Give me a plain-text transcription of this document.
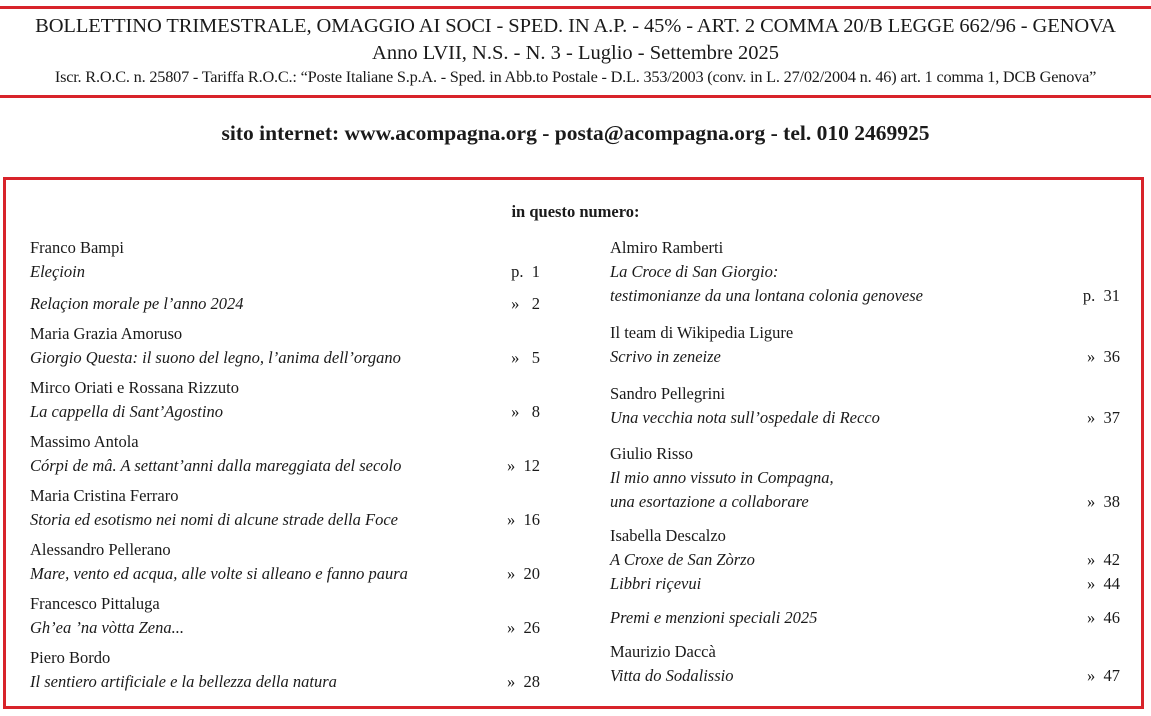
BOLLETTINO TRIMESTRALE, OMAGGIO AI SOCI - SPED. IN A.P. - 45% - ART. 2 COMMA 20/B LEGGE 662/96 - GENOVA
Anno LVII, N.S. - N. 3 - Luglio - Settembre 2025
Iscr. R.O.C. n. 25807 - Tariffa R.O.C.: “Poste Italiane S.p.A. - Sped. in Abb.to Postale - D.L. 353/2003 (conv. in L. 27/02/2004 n. 46) art. 1 comma 1, DCB Genova”
sito internet: www.acompagna.org - posta@acompagna.org - tel. 010 2469925
in questo numero:
Franco Bampi
Eleçioin	p.  1
Relaçion morale pe l’anno 2024	»   2
Maria Grazia Amoruso
Giorgio Questa: il suono del legno, l’anima dell’organo	»   5
Mirco Oriati e Rossana Rizzuto
La cappella di Sant’Agostino	»   8
Massimo Antola
Córpi de mâ. A settant’anni dalla mareggiata del secolo	»  12
Maria Cristina Ferraro
Storia ed esotismo nei nomi di alcune strade della Foce	»  16
Alessandro Pellerano
Mare, vento ed acqua, alle volte si alleano e fanno paura	»  20
Francesco Pittaluga
Gh’ea ’na vòtta Zena...	»  26
Piero Bordo
Il sentiero artificiale e la bellezza della natura	»  28
Almiro Ramberti
La Croce di San Giorgio:
testimonianze da una lontana colonia genovese	p.  31
Il team di Wikipedia Ligure
Scrivo in zeneize	»  36
Sandro Pellegrini
Una vecchia nota sull’ospedale di Recco	»  37
Giulio Risso
Il mio anno vissuto in Compagna,
una esortazione a collaborare	»  38
Isabella Descalzo
A Croxe de San Zòrzo	»  42
Libbri riçevui	»  44
Premi e menzioni speciali 2025	»  46
Maurizio Daccà
Vitta do Sodalissio	»  47
